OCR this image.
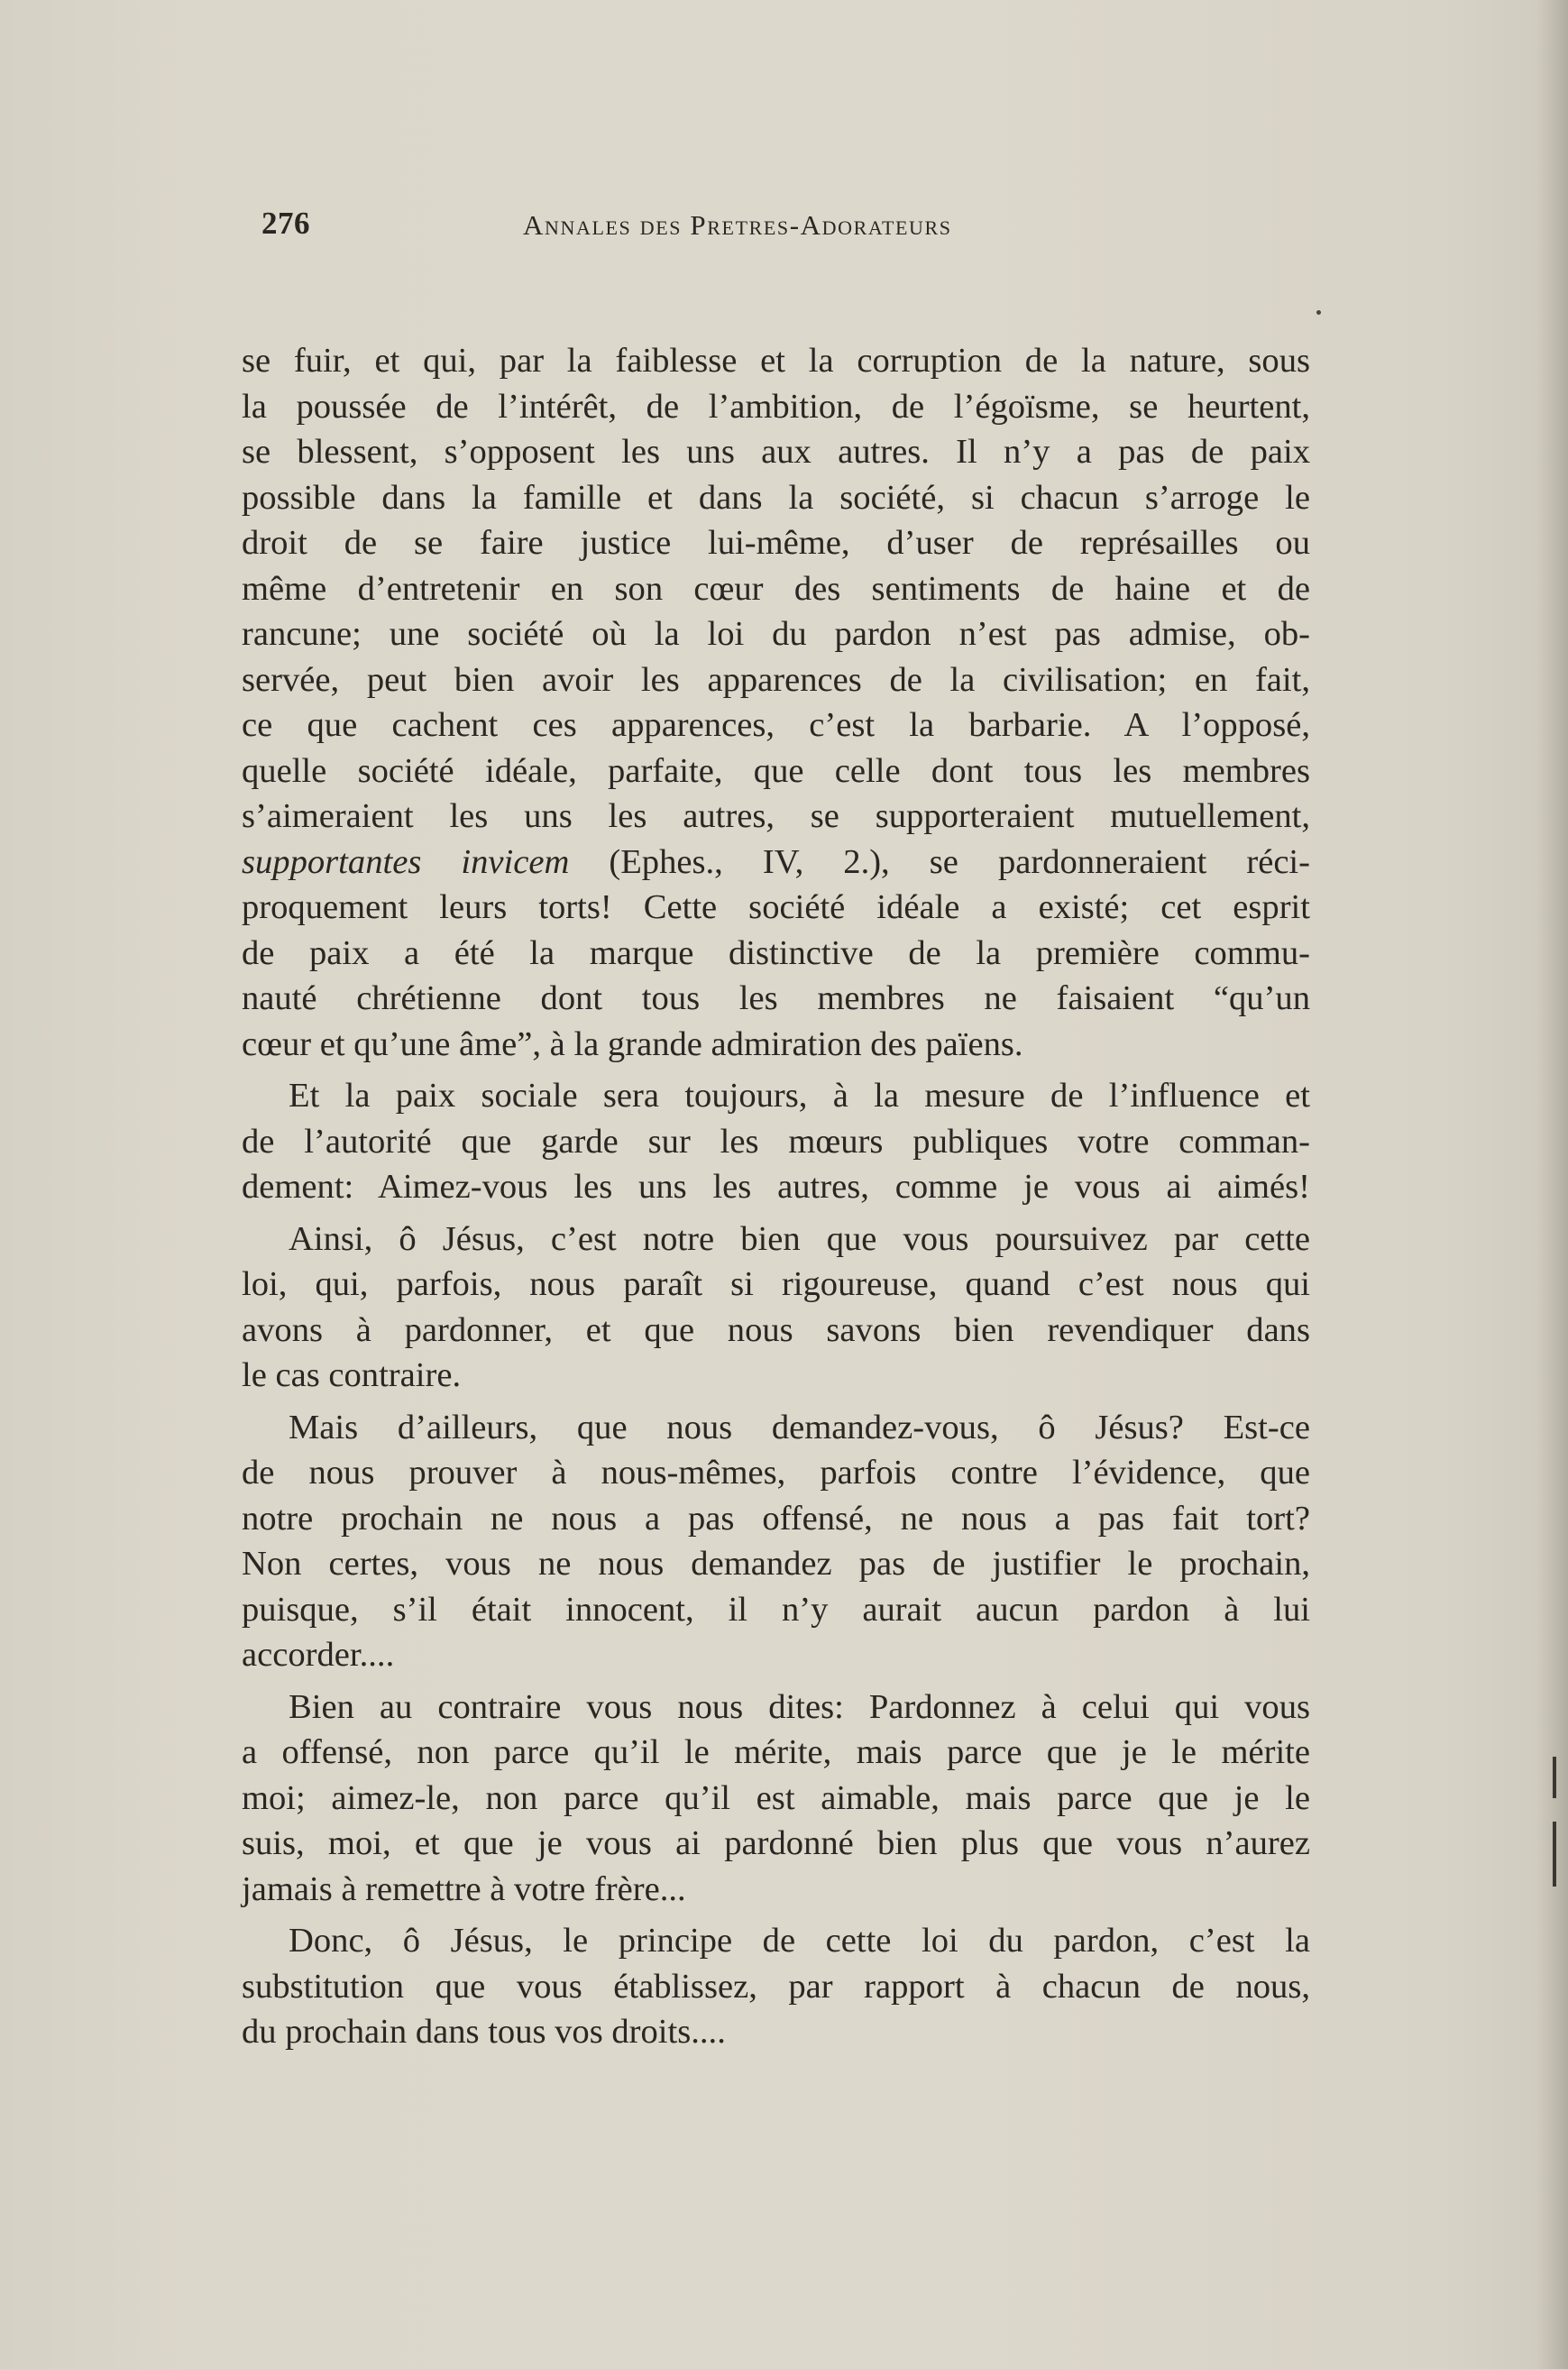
276	Annales des Pretres-Adorateurs
se fuir, et qui, par la faiblesse et la corruption de la nature, sous
la poussée de l’intérêt, de l’ambition, de l’égoïsme, se heurtent,
se blessent, s’opposent les uns aux autres. Il n’y a pas de paix
possible dans la famille et dans la société, si chacun s’arroge le
droit de se faire justice lui-même, d’user de représailles ou
même d’entretenir en son cœur des sentiments de haine et de
rancune; une société où la loi du pardon n’est pas admise, ob-
servée, peut bien avoir les apparences de la civilisation; en fait,
ce que cachent ces apparences, c’est la barbarie. A l’opposé,
quelle société idéale, parfaite, que celle dont tous les membres
s’aimeraient les uns les autres, se supporteraient mutuellement,
supportantes invicem (Ephes., IV, 2.), se pardonneraient réci-
proquement leurs torts! Cette société idéale a existé; cet esprit
de paix a été la marque distinctive de la première commu-
nauté chrétienne dont tous les membres ne faisaient “qu’un
cœur et qu’une âme”, à la grande admiration des païens.
Et la paix sociale sera toujours, à la mesure de l’influence et
de l’autorité que garde sur les mœurs publiques votre comman-
dement: Aimez-vous les uns les autres, comme je vous ai aimés!
Ainsi, ô Jésus, c’est notre bien que vous poursuivez par cette
loi, qui, parfois, nous paraît si rigoureuse, quand c’est nous qui
avons à pardonner, et que nous savons bien revendiquer dans
le cas contraire.
Mais d’ailleurs, que nous demandez-vous, ô Jésus? Est-ce
de nous prouver à nous-mêmes, parfois contre l’évidence, que
notre prochain ne nous a pas offensé, ne nous a pas fait tort?
Non certes, vous ne nous demandez pas de justifier le prochain,
puisque, s’il était innocent, il n’y aurait aucun pardon à lui
accorder....
Bien au contraire vous nous dites: Pardonnez à celui qui vous
a offensé, non parce qu’il le mérite, mais parce que je le mérite
moi; aimez-le, non parce qu’il est aimable, mais parce que je le
suis, moi, et que je vous ai pardonné bien plus que vous n’aurez
jamais à remettre à votre frère...
Donc, ô Jésus, le principe de cette loi du pardon, c’est la
substitution que vous établissez, par rapport à chacun de nous,
du prochain dans tous vos droits....
